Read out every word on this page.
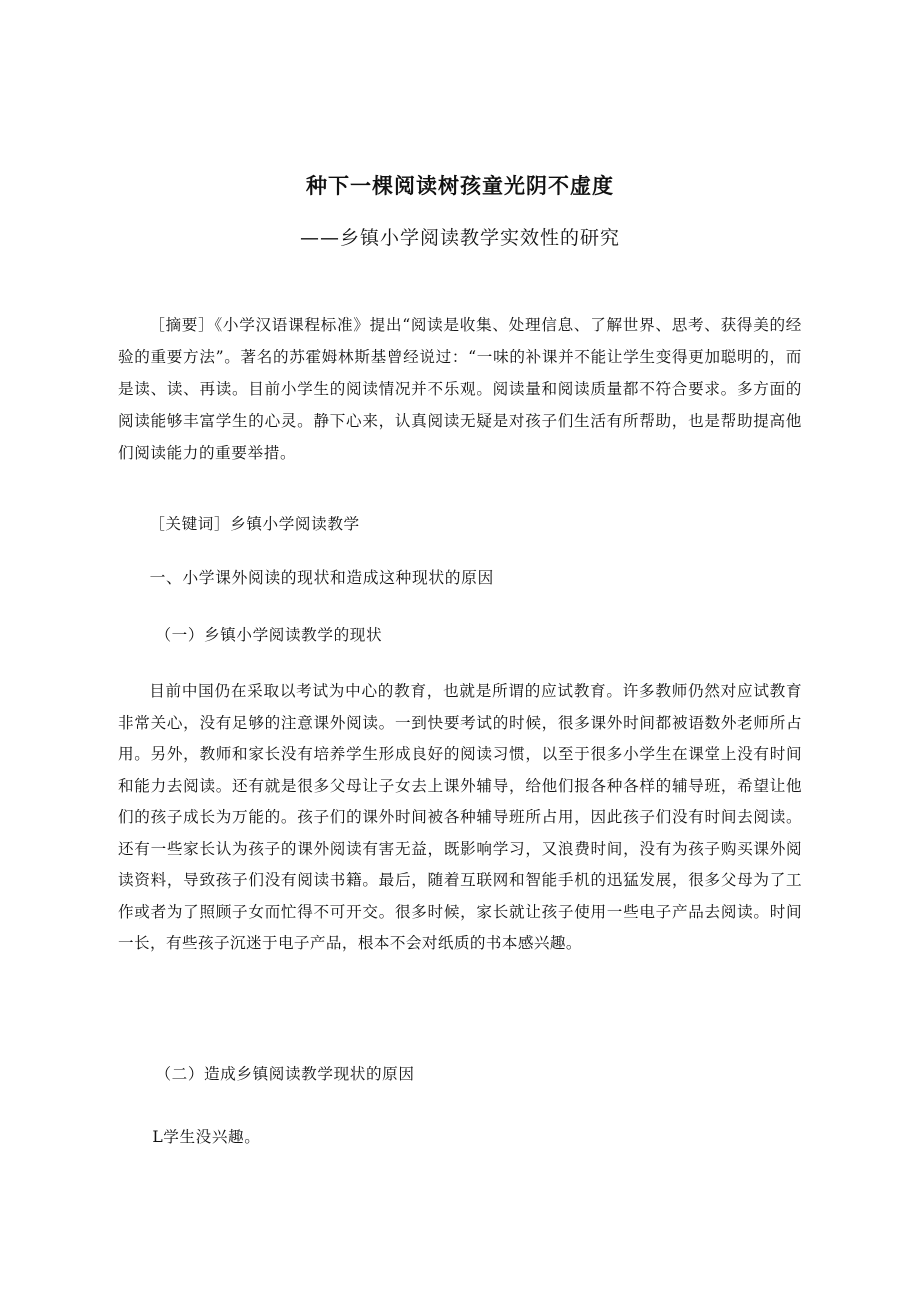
种下一棵阅读树孩童光阴不虚度
——乡镇小学阅读教学实效性的研究
［摘要］《小学汉语课程标准》提出“阅读是收集、处理信息、了解世界、思考、获得美的经验的重要方法”。著名的苏霍姆林斯基曾经说过：“一味的补课并不能让学生变得更加聪明的，而是读、读、再读。目前小学生的阅读情况并不乐观。阅读量和阅读质量都不符合要求。多方面的阅读能够丰富学生的心灵。静下心来，认真阅读无疑是对孩子们生活有所帮助，也是帮助提高他们阅读能力的重要举措。
［关键词］乡镇小学阅读教学
一、小学课外阅读的现状和造成这种现状的原因
（一）乡镇小学阅读教学的现状
目前中国仍在采取以考试为中心的教育，也就是所谓的应试教育。许多教师仍然对应试教育非常关心，没有足够的注意课外阅读。一到快要考试的时候，很多课外时间都被语数外老师所占用。另外，教师和家长没有培养学生形成良好的阅读习惯，以至于很多小学生在课堂上没有时间和能力去阅读。还有就是很多父母让子女去上课外辅导，给他们报各种各样的辅导班，希望让他们的孩子成长为万能的。孩子们的课外时间被各种辅导班所占用，因此孩子们没有时间去阅读。还有一些家长认为孩子的课外阅读有害无益，既影响学习，又浪费时间，没有为孩子购买课外阅读资料，导致孩子们没有阅读书籍。最后，随着互联网和智能手机的迅猛发展，很多父母为了工作或者为了照顾子女而忙得不可开交。很多时候，家长就让孩子使用一些电子产品去阅读。时间一长，有些孩子沉迷于电子产品，根本不会对纸质的书本感兴趣。
（二）造成乡镇阅读教学现状的原因
L学生没兴趣。
